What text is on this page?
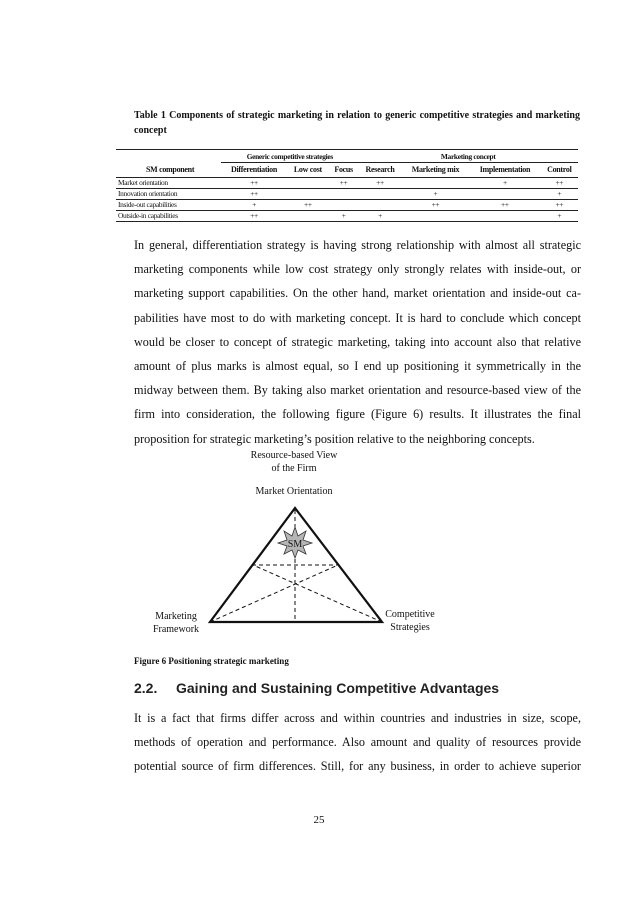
Table 1 Components of strategic marketing in relation to generic competitive strategies and marketing concept
	Generic competitive strategies			Marketing concept			
SM component	Differentiation	Low cost	Focus	Research	Marketing mix	Implementation	Control
Market orientation	++		++	++		+	++
Innovation orientation	++				+		+
Inside-out capabilities	+	++			++	++	++
Outside-in capabilities	++		+	+			+
In general, differentiation strategy is having strong relationship with almost all strategic
marketing components while low cost strategy only strongly relates with inside-out, or
marketing support capabilities. On the other hand, market orientation and inside-out ca-
pabilities have most to do with marketing concept. It is hard to conclude which concept
would be closer to concept of strategic marketing, taking into account also that relative
amount of plus marks is almost equal, so I end up positioning it symmetrically in the
midway between them. By taking also market orientation and resource-based view of the
firm into consideration, the following figure (Figure 6) results. It illustrates the final
proposition for strategic marketing’s position relative to the neighboring concepts.
Resource-based View
of the Firm
Market Orientation
SM
Marketing
Framework
Competitive
Strategies
Figure 6 Positioning strategic marketing
2.2. Gaining and Sustaining Competitive Advantages
It is a fact that firms differ across and within countries and industries in size, scope,
methods of operation and performance. Also amount and quality of resources provide
potential source of firm differences. Still, for any business, in order to achieve superior
25
